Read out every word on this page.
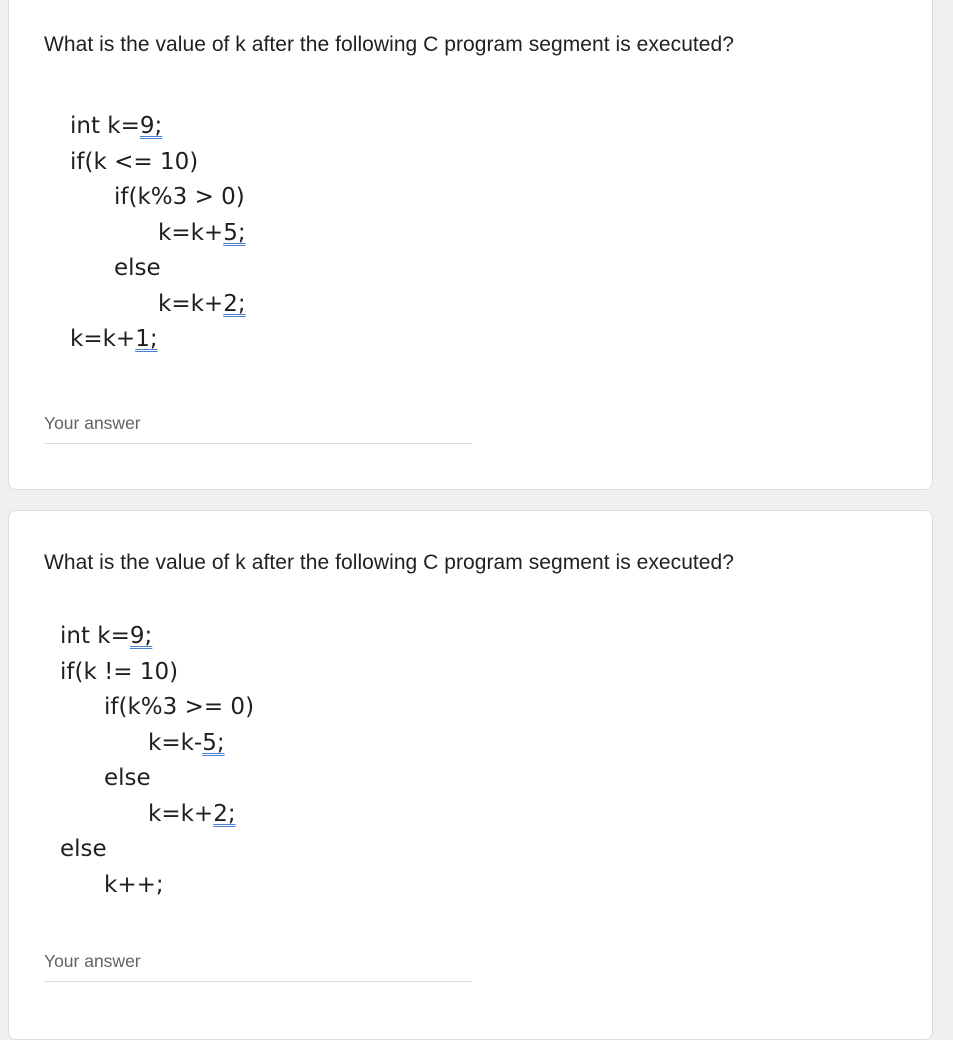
What is the value of k after the following C program segment is executed?
int k=9;
if(k <= 10)
if(k%3 > 0)
k=k+5;
else
k=k+2;
k=k+1;
Your answer
What is the value of k after the following C program segment is executed?
int k=9;
if(k != 10)
if(k%3 >= 0)
k=k-5;
else
k=k+2;
else
k++;
Your answer
